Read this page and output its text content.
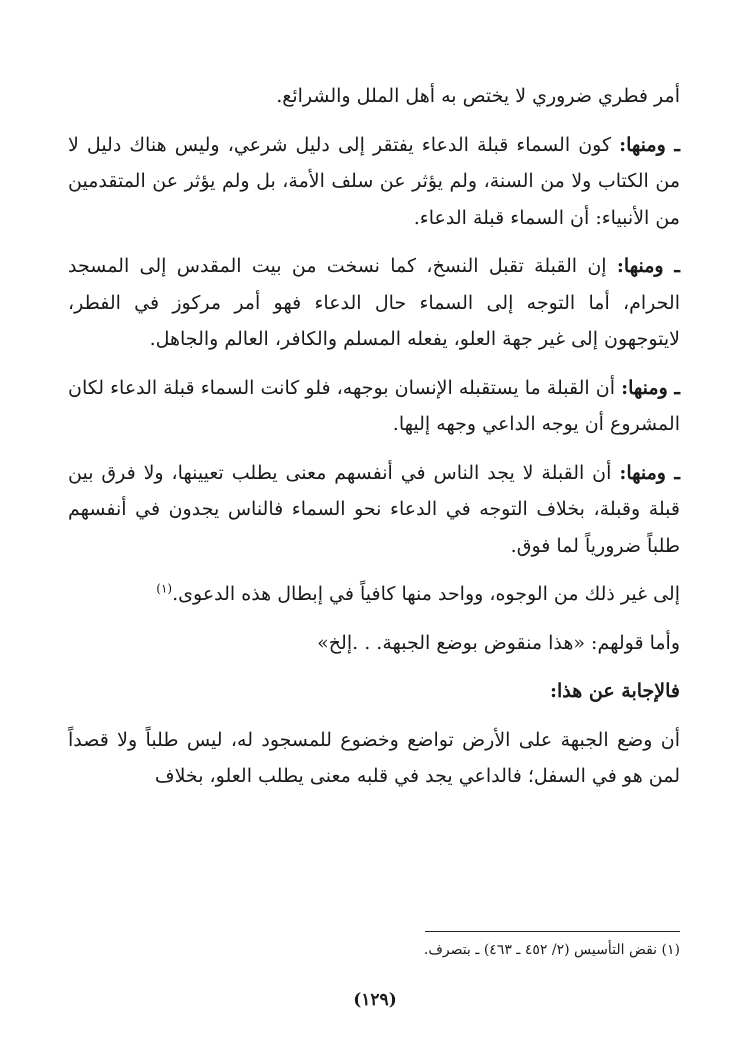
أمر فطري ضروري لا يختص به أهل الملل والشرائع.

ـ ومنها: كون السماء قبلة الدعاء يفتقر إلى دليل شرعي، وليس هناك دليل لا من الكتاب ولا من السنة، ولم يؤثر عن سلف الأمة، بل ولم يؤثر عن المتقدمين من الأنبياء: أن السماء قبلة الدعاء.

ـ ومنها: إن القبلة تقبل النسخ، كما نسخت من بيت المقدس إلى المسجد الحرام، أما التوجه إلى السماء حال الدعاء فهو أمر مركوز في الفطر، لايتوجهون إلى غير جهة العلو، يفعله المسلم والكافر، العالم والجاهل.

ـ ومنها: أن القبلة ما يستقبله الإنسان بوجهه، فلو كانت السماء قبلة الدعاء لكان المشروع أن يوجه الداعي وجهه إليها.

ـ ومنها: أن القبلة لا يجد الناس في أنفسهم معنى يطلب تعيينها، ولا فرق بين قبلة وقبلة، بخلاف التوجه في الدعاء نحو السماء فالناس يجدون في أنفسهم طلباً ضرورياً لما فوق.

إلى غير ذلك من الوجوه، وواحد منها كافياً في إبطال هذه الدعوى.$^{(١)}$

وأما قولهم: «هذا منقوض بوضع الجبهة. . .إلخ»

فالإجابة عن هذا:

أن وضع الجبهة على الأرض تواضع وخضوع للمسجود له، ليس طلباً ولا قصداً لمن هو في السفل؛ فالداعي يجد في قلبه معنى يطلب العلو، بخلاف

(١) نقض التأسيس (٢/ ٤٥٢ ـ ٤٦٣) ـ بتصرف.
(١٢٩)
